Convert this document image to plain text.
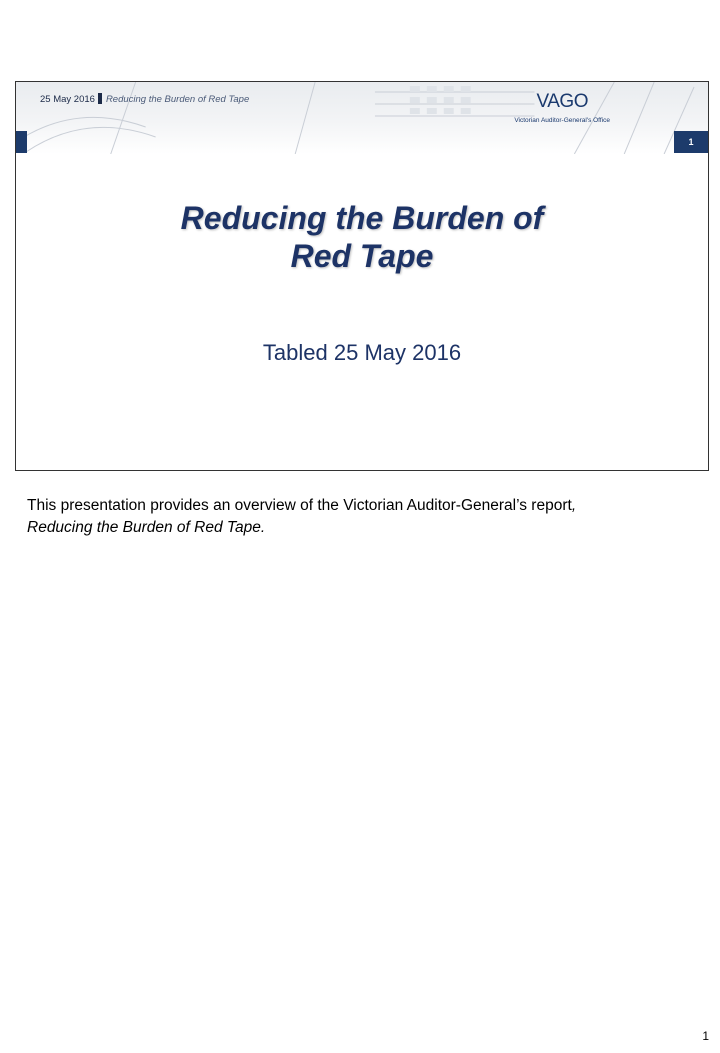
25 May 2016 Reducing the Burden of Red Tape	VAGO
Victorian Auditor-General's Office
1
Reducing the Burden of
Red Tape
Tabled 25 May 2016
This presentation provides an overview of the Victorian Auditor-General’s report,
Reducing the Burden of Red Tape.
1
